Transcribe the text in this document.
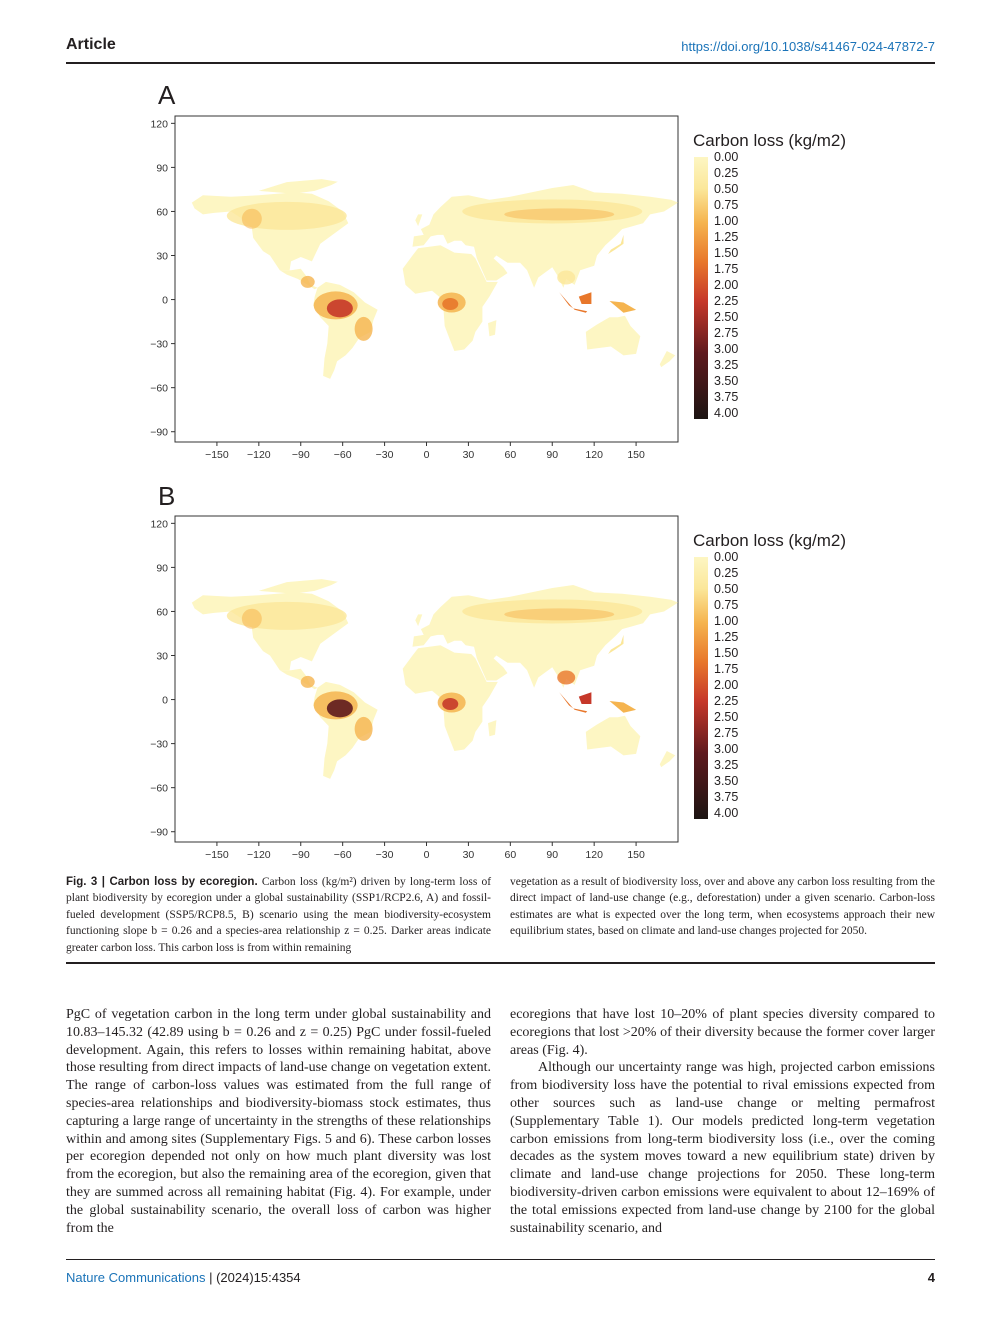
Article	https://doi.org/10.1038/s41467-024-47872-7
A
−150 −120 −90 −60 −30	0	30	60	90	120 150
120
90
60
30
0
−30
−60
−90
Carbon loss (kg/m2)
0.00
0.25
0.50
0.75
1.00
1.25
1.50
1.75
2.00
2.25
2.50
2.75
3.00
3.25
3.50
3.75
4.00
B
−150 −120 −90 −60 −30	0	30	60	90	120 150
120
90
60
30
0
−30
−60
−90
Carbon loss (kg/m2)
0.00
0.25
0.50
0.75
1.00
1.25
1.50
1.75
2.00
2.25
2.50
2.75
3.00
3.25
3.50
3.75
4.00
Fig. 3 | Carbon loss by ecoregion. Carbon loss (kg/m²) driven by long-term loss of plant biodiversity by ecoregion under a global sustainability (SSP1/RCP2.6, A) and fossil-fueled development (SSP5/RCP8.5, B) scenario using the mean biodiversity-ecosystem functioning slope b = 0.26 and a species-area relationship z = 0.25. Darker areas indicate greater carbon loss. This carbon loss is from within remaining
vegetation as a result of biodiversity loss, over and above any carbon loss resulting from the direct impact of land-use change (e.g., deforestation) under a given scenario. Carbon-loss estimates are what is expected over the long term, when ecosystems approach their new equilibrium states, based on climate and land-use changes projected for 2050.

PgC of vegetation carbon in the long term under global sustainability and 10.83–145.32 (42.89 using b = 0.26 and z = 0.25) PgC under fossil-fueled development. Again, this refers to losses within remaining habitat, above those resulting from direct impacts of land-use change on vegetation extent. The range of carbon-loss values was estimated from the full range of species-area relationships and biodiversity-biomass stock estimates, thus capturing a large range of uncertainty in the strengths of these relationships within and among sites (Supplementary Figs. 5 and 6). These carbon losses per ecoregion depended not only on how much plant diversity was lost from the ecoregion, but also the remaining area of the ecoregion, given that they are summed across all remaining habitat (Fig. 4). For example, under the global sustainability scenario, the overall loss of carbon was higher from the

ecoregions that have lost 10–20% of plant species diversity compared to ecoregions that lost >20% of their diversity because the former cover larger areas (Fig. 4).

Although our uncertainty range was high, projected carbon emissions from biodiversity loss have the potential to rival emissions expected from other sources such as land-use change or melting permafrost (Supplementary Table 1). Our models predicted long-term vegetation carbon emissions from long-term biodiversity loss (i.e., over the coming decades as the system moves toward a new equilibrium state) driven by climate and land-use change projections for 2050. These long-term biodiversity-driven carbon emissions were equivalent to about 12–169% of the total emissions expected from land-use change by 2100 for the global sustainability scenario, and

Nature Communications | (2024)15:4354	4
